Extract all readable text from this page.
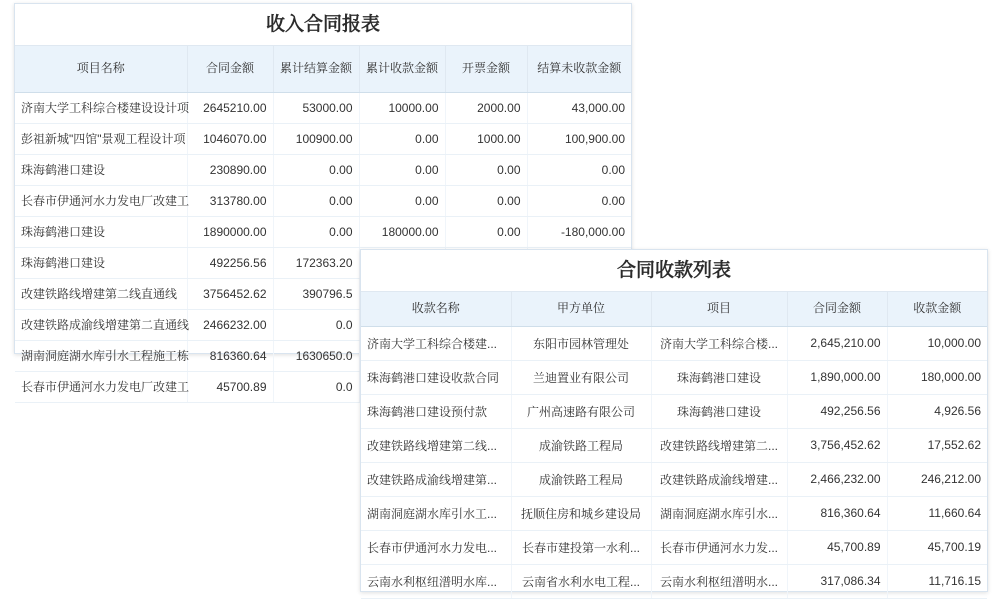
收入合同报表
项目名称	合同金额	累计结算金额	累计收款金额	开票金额	结算未收款金额
济南大学工科综合楼建设设计项	2645210.00	53000.00	10000.00	2000.00	43,000.00
彭祖新城"四馆"景观工程设计项	1046070.00	100900.00	0.00	1000.00	100,900.00
珠海鹤港口建设	230890.00	0.00	0.00	0.00	0.00
长春市伊通河水力发电厂改建工	313780.00	0.00	0.00	0.00	0.00
珠海鹤港口建设	1890000.00	0.00	180000.00	0.00	-180,000.00
珠海鹤港口建设	492256.56	172363.20			
改建铁路线增建第二线直通线	3756452.62	390796.5			
改建铁路成渝线增建第二直通线	2466232.00	0.0			
湖南洞庭湖水库引水工程施工栋	816360.64	1630650.0			
长春市伊通河水力发电厂改建工	45700.89	0.0			
合同收款列表
收款名称	甲方单位	项目	合同金额	收款金额
济南大学工科综合楼建...	东阳市园林管理处	济南大学工科综合楼...	2,645,210.00	10,000.00
珠海鹤港口建设收款合同	兰迪置业有限公司	珠海鹤港口建设	1,890,000.00	180,000.00
珠海鹤港口建设预付款	广州高速路有限公司	珠海鹤港口建设	492,256.56	4,926.56
改建铁路线增建第二线...	成渝铁路工程局	改建铁路线增建第二...	3,756,452.62	17,552.62
改建铁路成渝线增建第...	成渝铁路工程局	改建铁路成渝线增建...	2,466,232.00	246,212.00
湖南洞庭湖水库引水工...	抚顺住房和城乡建设局	湖南洞庭湖水库引水...	816,360.64	11,660.64
长春市伊通河水力发电...	长春市建投第一水利...	长春市伊通河水力发...	45,700.89	45,700.19
云南水利枢纽潽明水库...	云南省水利水电工程...	云南水利枢纽潽明水...	317,086.34	11,716.15
